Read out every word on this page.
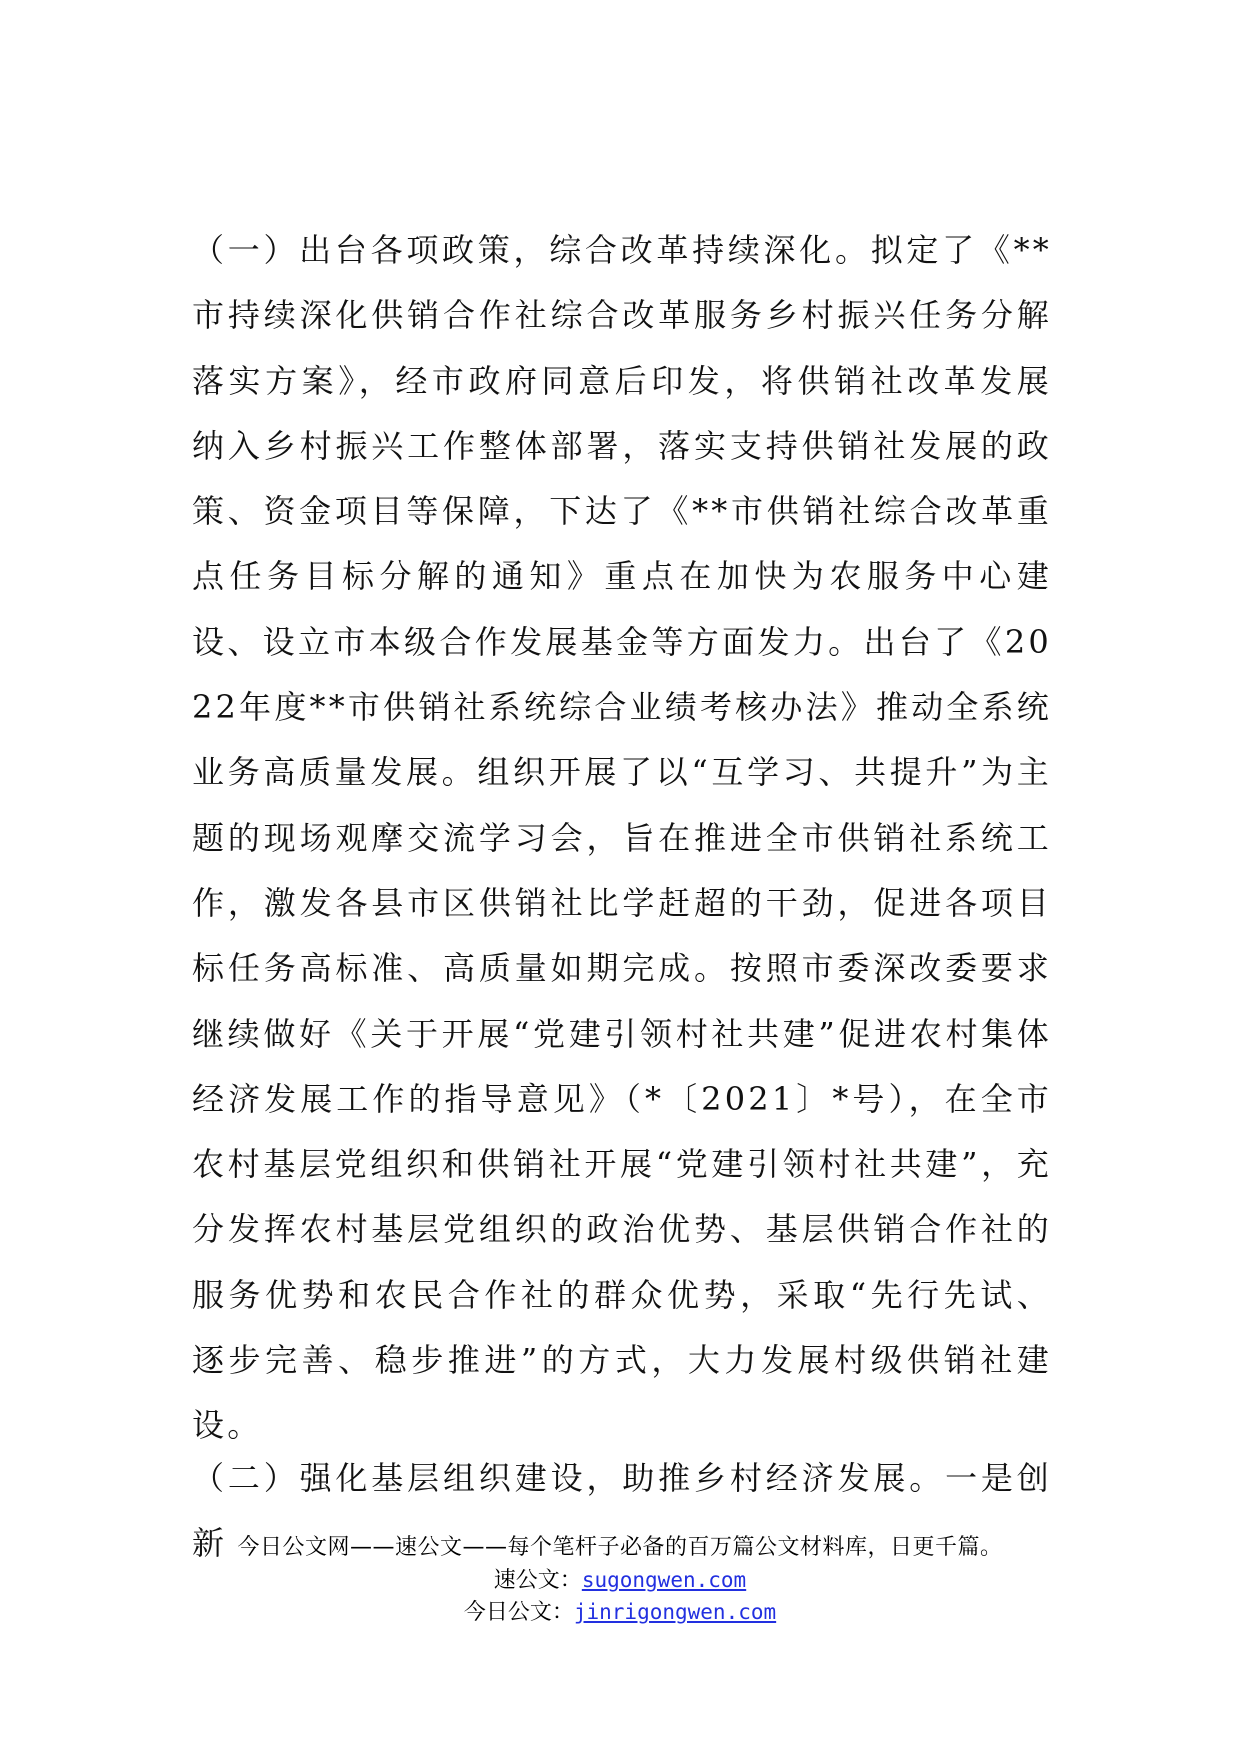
（一）出台各项政策，综合改革持续深化。拟定了《**市持续深化供销合作社综合改革服务乡村振兴任务分解落实方案》，经市政府同意后印发，将供销社改革发展纳入乡村振兴工作整体部署，落实支持供销社发展的政策、资金项目等保障，下达了《**市供销社综合改革重点任务目标分解的通知》重点在加快为农服务中心建设、设立市本级合作发展基金等方面发力。出台了《2022年度**市供销社系统综合业绩考核办法》推动全系统业务高质量发展。组织开展了以“互学习、共提升”为主题的现场观摩交流学习会，旨在推进全市供销社系统工作，激发各县市区供销社比学赶超的干劲，促进各项目标任务高标准、高质量如期完成。按照市委深改委要求继续做好《关于开展“党建引领村社共建”促进农村集体经济发展工作的指导意见》（*〔2021〕*号），在全市农村基层党组织和供销社开展“党建引领村社共建”，充分发挥农村基层党组织的政治优势、基层供销合作社的服务优势和农民合作社的群众优势，采取“先行先试、逐步完善、稳步推进”的方式，大力发展村级供销社建设。

（二）强化基层组织建设，助推乡村经济发展。一是创新 今日公文网——速公文——每个笔杆子必备的百万篇公文材料库，日更千篇。
速公文：sugongwen.com
今日公文：jinrigongwen.com
